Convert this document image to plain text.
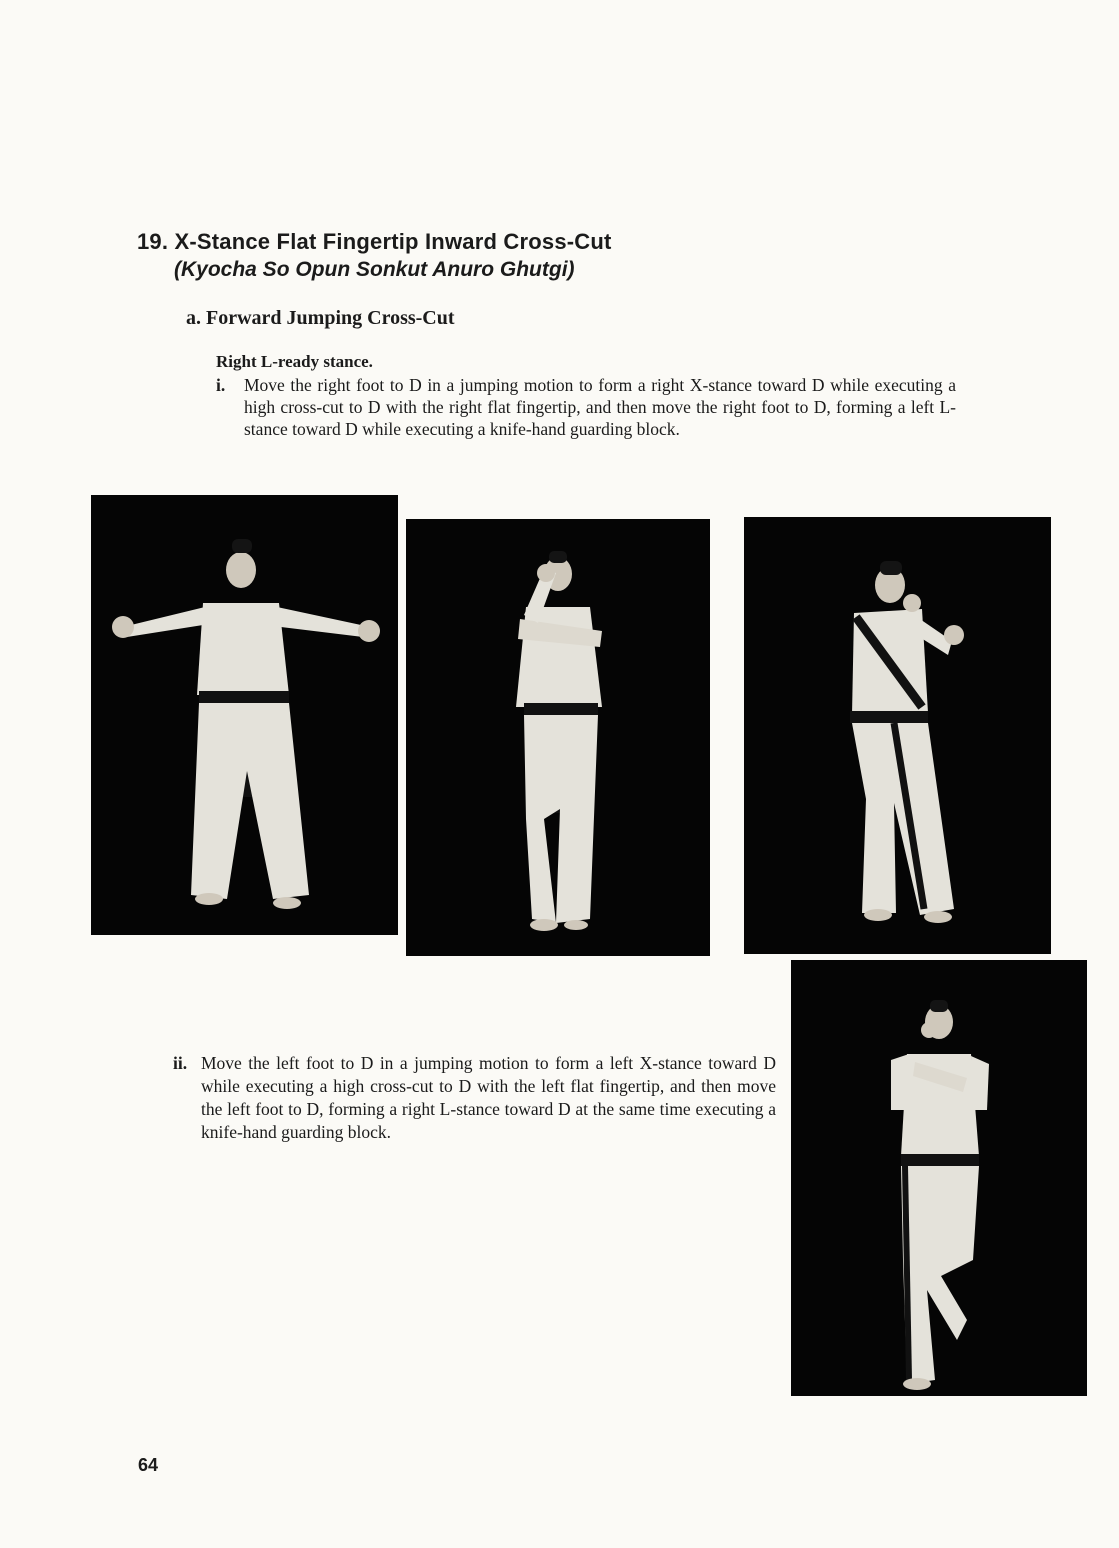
19. X-Stance Flat Fingertip Inward Cross-Cut
(Kyocha So Opun Sonkut Anuro Ghutgi)
a. Forward Jumping Cross-Cut
Right L-ready stance.
i. Move the right foot to D in a jumping motion to form a right X-stance toward D while executing a high cross-cut to D with the right flat fingertip, and then move the right foot to D, forming a left L-stance toward D while executing a knife-hand guarding block.
ii. Move the left foot to D in a jumping motion to form a left X-stance toward D while executing a high cross-cut to D with the left flat fingertip, and then move the left foot to D, forming a right L-stance toward D at the same time executing a knife-hand guarding block.
64
